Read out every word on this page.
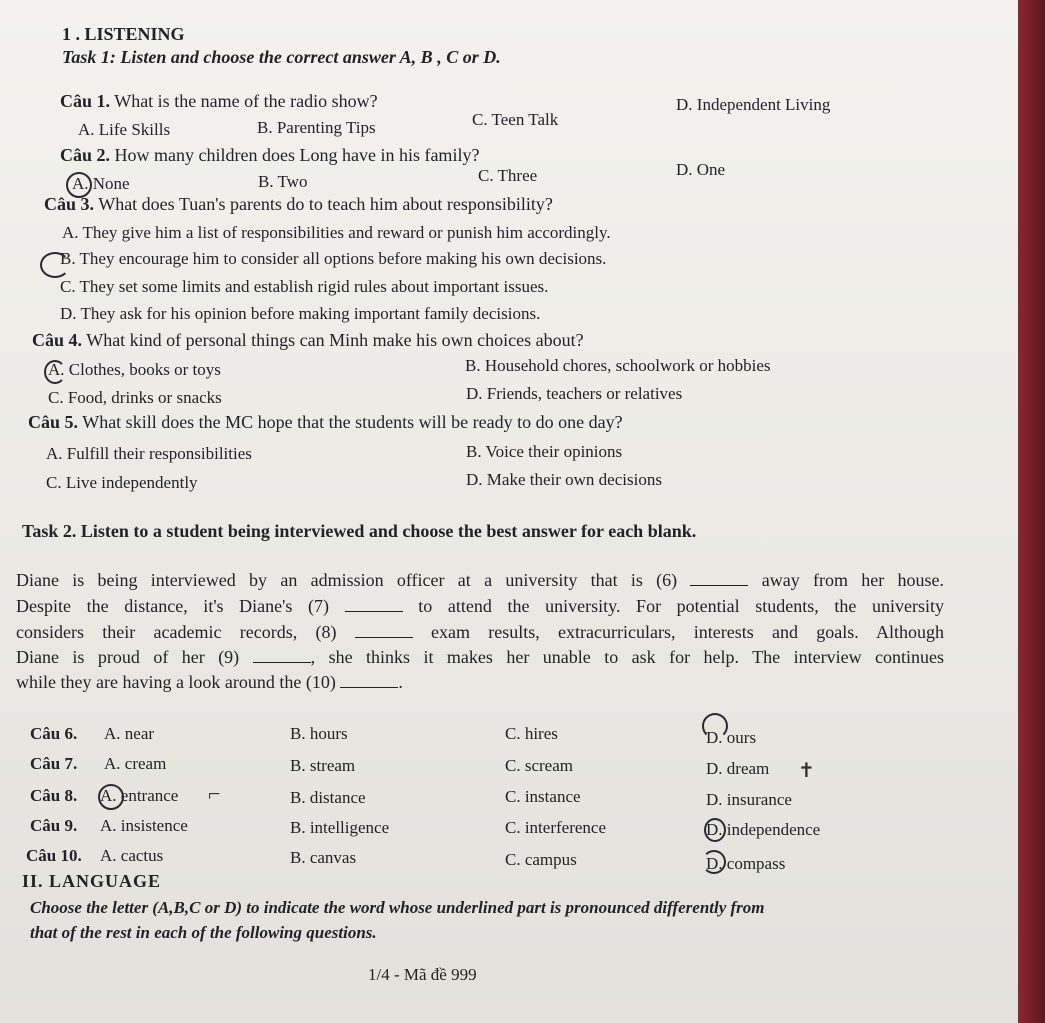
1 . LISTENING
Task 1: Listen and choose the correct answer A, B , C or D.
Câu 1. What is the name of the radio show?
A. Life Skills	B. Parenting Tips	C. Teen Talk
D. Independent Living
Câu 2. How many children does Long have in his family?
A. None	B. Two	C. Three	D. One
Câu 3. What does Tuan's parents do to teach him about responsibility?
A. They give him a list of responsibilities and reward or punish him accordingly.
B. They encourage him to consider all options before making his own decisions.
C. They set some limits and establish rigid rules about important issues.
D. They ask for his opinion before making important family decisions.
Câu 4. What kind of personal things can Minh make his own choices about?
A. Clothes, books or toys	B. Household chores, schoolwork or hobbies
C. Food, drinks or snacks	D. Friends, teachers or relatives
Câu 5. What skill does the MC hope that the students will be ready to do one day?
A. Fulfill their responsibilities	B. Voice their opinions
C. Live independently	D. Make their own decisions
Task 2. Listen to a student being interviewed and choose the best answer for each blank.
Diane is being interviewed by an admission officer at a university that is (6)	away from her house.
Despite the distance, it's Diane's (7)	to attend the university. For potential students, the university
considers their academic records, (8)	exam results, extracurriculars, interests and goals. Although
Diane is proud of her (9)	, she thinks it makes her unable to ask for help. The interview continues
while they are having a look around the (10)	.
Câu 6. A. near	B. hours	C. hires	D. ours
Câu 7. A. cream	B. stream	C. scream	D. dream
Câu 8. A. entrance	B. distance	C. instance	D. insurance
Câu 9. A. insistence	B. intelligence	C. interference	D. independence
Câu 10. A. cactus	B. canvas	C. campus	D. compass
II. LANGUAGE
Choose the letter (A,B,C or D) to indicate the word whose underlined part is pronounced differently from
that of the rest in each of the following questions.
1/4 - Mã đề 999
✝
⌐
